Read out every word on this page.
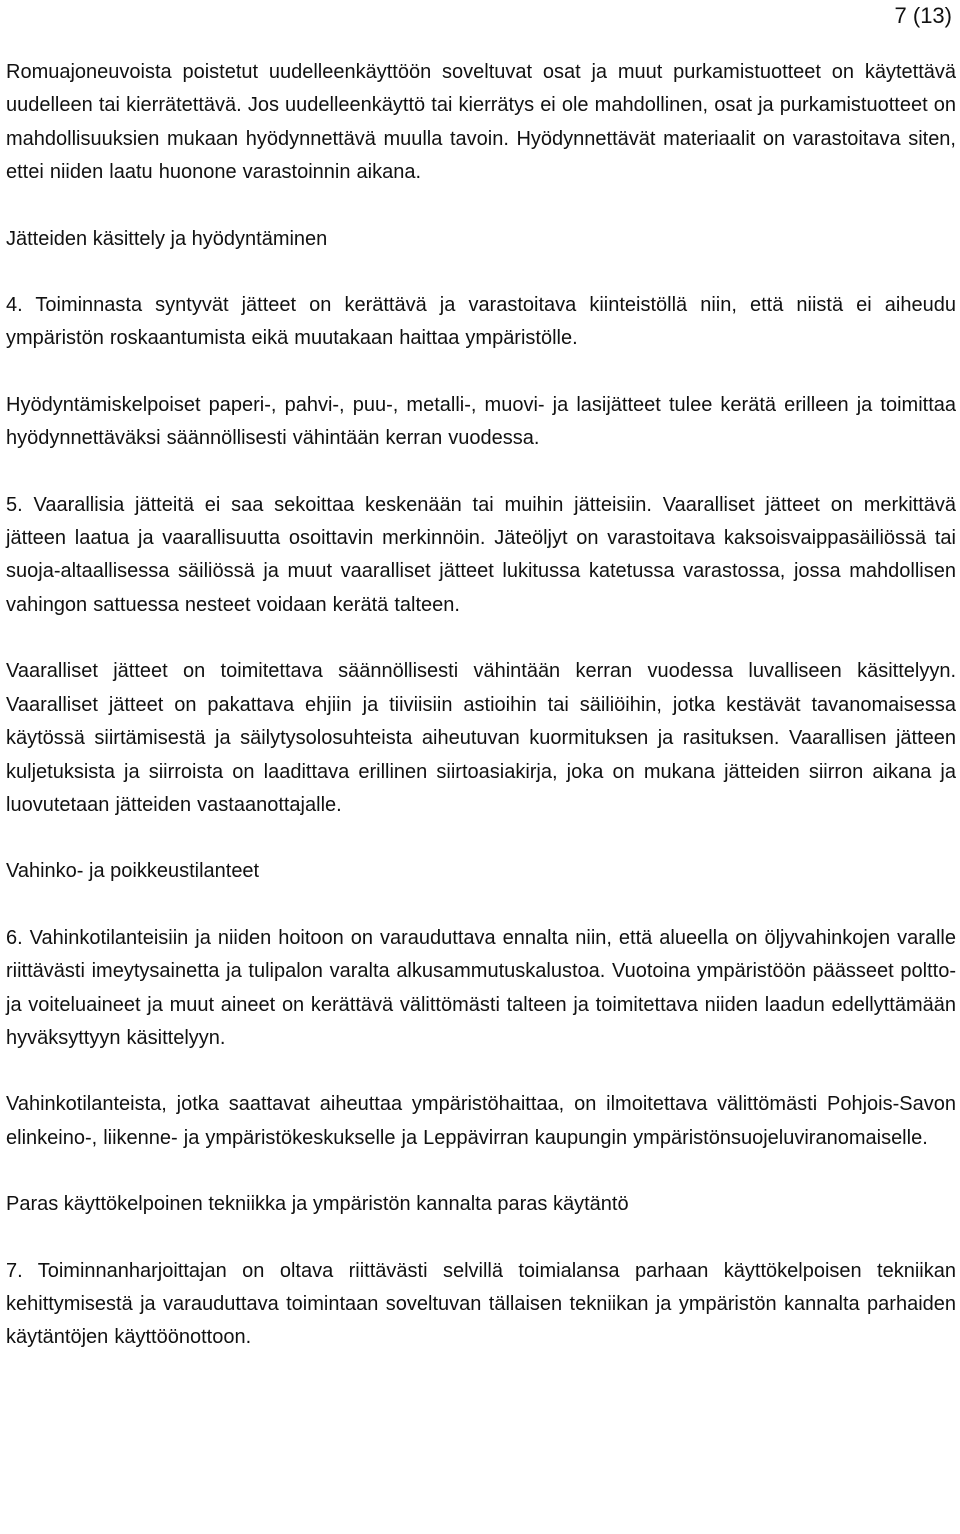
7 (13)

Romuajoneuvoista poistetut uudelleenkäyttöön soveltuvat osat ja muut purkamistuotteet on käytettävä uudelleen tai kierrätettävä. Jos uudelleenkäyttö tai kierrätys ei ole mahdollinen, osat ja purkamistuotteet on mahdollisuuksien mukaan hyödynnettävä muulla tavoin. Hyödynnettävät materiaalit on varastoitava siten, ettei niiden laatu huonone varastoinnin aikana.

Jätteiden käsittely ja hyödyntäminen

4. Toiminnasta syntyvät jätteet on kerättävä ja varastoitava kiinteistöllä niin, että niistä ei aiheudu ympäristön roskaantumista eikä muutakaan haittaa ympäristölle.

Hyödyntämiskelpoiset paperi-, pahvi-, puu-, metalli-, muovi- ja lasijätteet tulee kerätä erilleen ja toimittaa hyödynnettäväksi säännöllisesti vähintään kerran vuodessa.

5. Vaarallisia jätteitä ei saa sekoittaa keskenään tai muihin jätteisiin. Vaaralliset jätteet on merkittävä jätteen laatua ja vaarallisuutta osoittavin merkinnöin. Jäteöljyt on varastoitava kaksoisvaippasäiliössä tai suoja-altaallisessa säiliössä ja muut vaaralliset jätteet lukitussa katetussa varastossa, jossa mahdollisen vahingon sattuessa nesteet voidaan kerätä talteen.

Vaaralliset jätteet on toimitettava säännöllisesti vähintään kerran vuodessa luvalliseen käsittelyyn. Vaaralliset jätteet on pakattava ehjiin ja tiiviisiin astioihin tai säiliöihin, jotka kestävät tavanomaisessa käytössä siirtämisestä ja säilytysolosuhteista aiheutuvan kuormituksen ja rasituksen. Vaarallisen jätteen kuljetuksista ja siirroista on laadittava erillinen siirtoasiakirja, joka on mukana jätteiden siirron aikana ja luovutetaan jätteiden vastaanottajalle.

Vahinko- ja poikkeustilanteet

6. Vahinkotilanteisiin ja niiden hoitoon on varauduttava ennalta niin, että alueella on öljyvahinkojen varalle riittävästi imeytysainetta ja tulipalon varalta alkusammutuskalustoa. Vuotoina ympäristöön päässeet poltto- ja voiteluaineet ja muut aineet on kerättävä välittömästi talteen ja toimitettava niiden laadun edellyttämään hyväksyttyyn käsittelyyn.

Vahinkotilanteista, jotka saattavat aiheuttaa ympäristöhaittaa, on ilmoitettava välittömästi Pohjois-Savon elinkeino-, liikenne- ja ympäristökeskukselle ja Leppävirran kaupungin ympäristönsuojeluviranomaiselle.

Paras käyttökelpoinen tekniikka ja ympäristön kannalta paras käytäntö

7. Toiminnanharjoittajan on oltava riittävästi selvillä toimialansa parhaan käyttökelpoisen tekniikan kehittymisestä ja varauduttava toimintaan soveltuvan tällaisen tekniikan ja ympäristön kannalta parhaiden käytäntöjen käyttöönottoon.
